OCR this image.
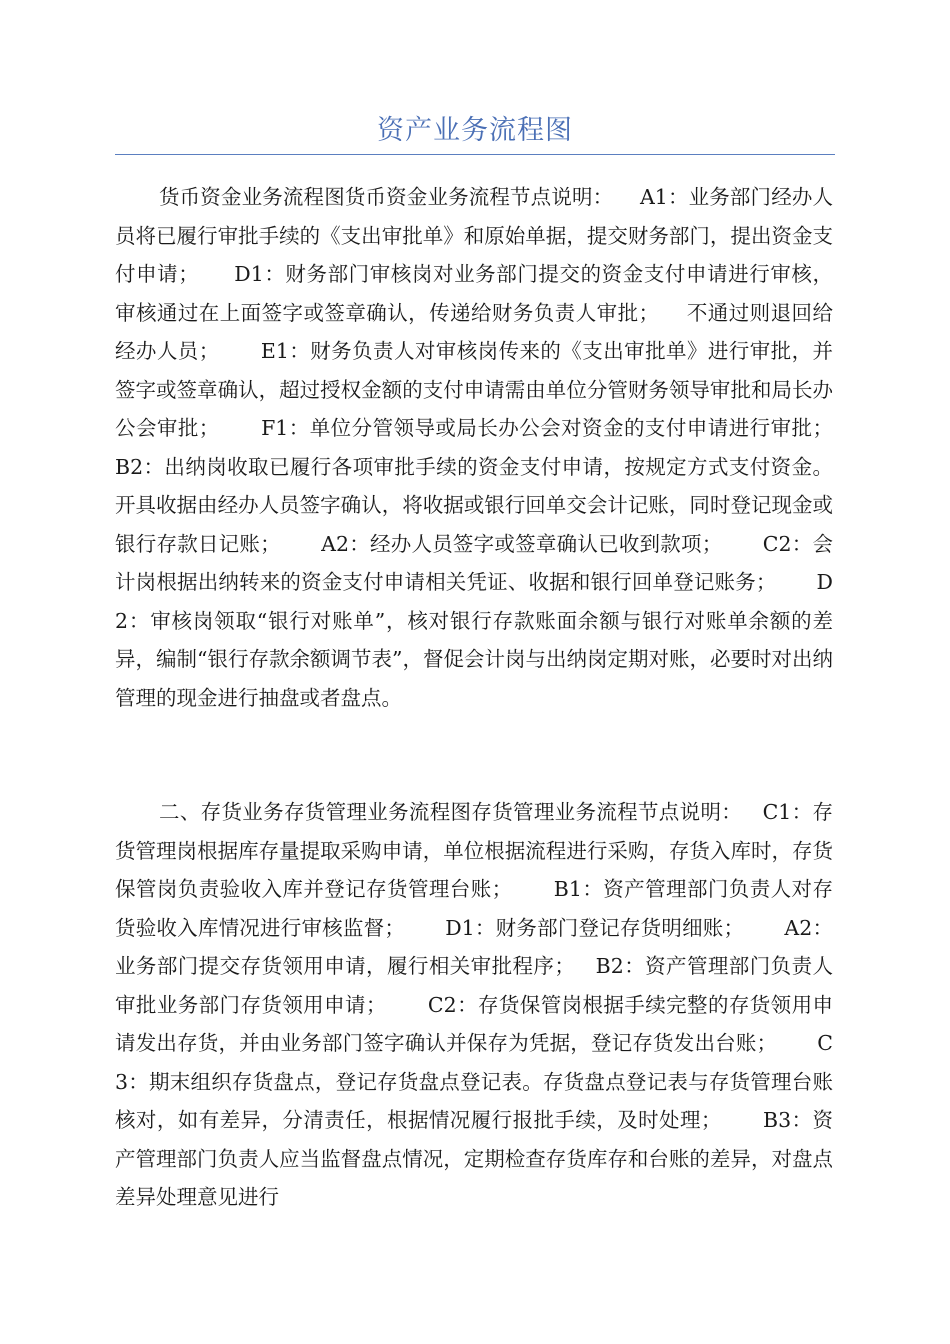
资产业务流程图

货币资金业务流程图货币资金业务流程节点说明：    A1：业务部门经办人员将已履行审批手续的《支出审批单》和原始单据，提交财务部门，提出资金支付申请；     D1：财务部门审核岗对业务部门提交的资金支付申请进行审核，审核通过在上面签字或签章确认，传递给财务负责人审批；    不通过则退回给经办人员；      E1：财务负责人对审核岗传来的《支出审批单》进行审批，并签字或签章确认，超过授权金额的支付申请需由单位分管财务领导审批和局长办公会审批；      F1：单位分管领导或局长办公会对资金的支付申请进行审批；      B2：出纳岗收取已履行各项审批手续的资金支付申请，按规定方式支付资金。开具收据由经办人员签字确认，将收据或银行回单交会计记账，同时登记现金或银行存款日记账；      A2：经办人员签字或签章确认已收到款项；      C2：会计岗根据出纳转来的资金支付申请相关凭证、收据和银行回单登记账务；      D2：审核岗领取“银行对账单”，核对银行存款账面余额与银行对账单余额的差异，编制“银行存款余额调节表”，督促会计岗与出纳岗定期对账，必要时对出纳管理的现金进行抽盘或者盘点。

二、存货业务存货管理业务流程图存货管理业务流程节点说明：   C1：存货管理岗根据库存量提取采购申请，单位根据流程进行采购，存货入库时，存货保管岗负责验收入库并登记存货管理台账；      B1：资产管理部门负责人对存货验收入库情况进行审核监督；      D1：财务部门登记存货明细账；      A2：业务部门提交存货领用申请，履行相关审批程序；   B2：资产管理部门负责人审批业务部门存货领用申请；      C2：存货保管岗根据手续完整的存货领用申请发出存货，并由业务部门签字确认并保存为凭据，登记存货发出台账；      C3：期末组织存货盘点，登记存货盘点登记表。存货盘点登记表与存货管理台账核对，如有差异，分清责任，根据情况履行报批手续，及时处理；      B3：资产管理部门负责人应当监督盘点情况，定期检查存货库存和台账的差异，对盘点差异处理意见进行
